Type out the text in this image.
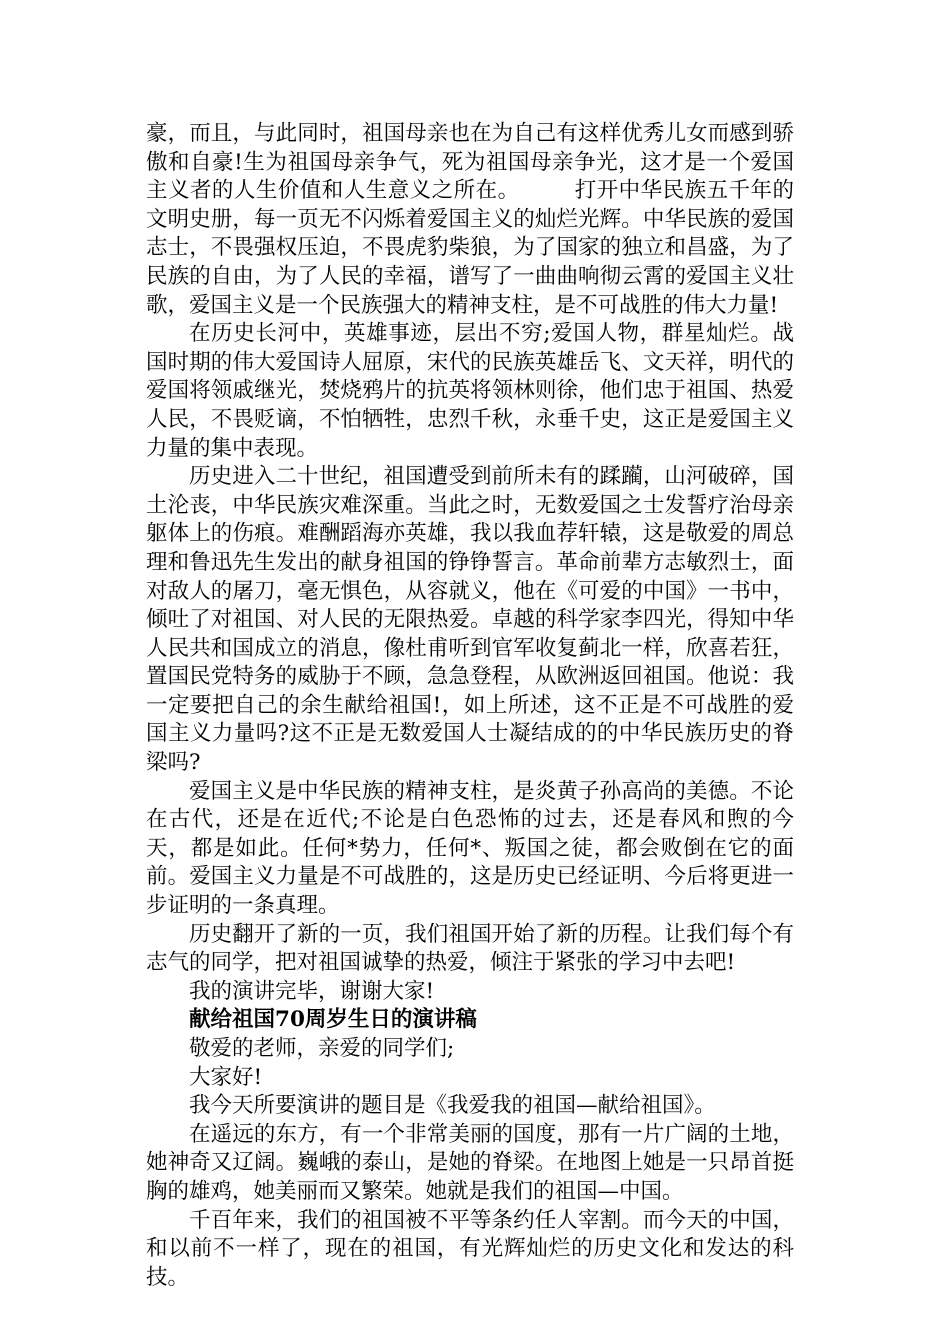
豪，而且，与此同时，祖国母亲也在为自己有这样优秀儿女而感到骄傲和自豪!生为祖国母亲争气，死为祖国母亲争光，这才是一个爱国主义者的人生价值和人生意义之所在。　　　打开中华民族五千年的文明史册，每一页无不闪烁着爱国主义的灿烂光辉。中华民族的爱国志士，不畏强权压迫，不畏虎豹柴狼，为了国家的独立和昌盛，为了民族的自由，为了人民的幸福，谱写了一曲曲响彻云霄的爱国主义壮歌，爱国主义是一个民族强大的精神支柱，是不可战胜的伟大力量!

在历史长河中，英雄事迹，层出不穷;爱国人物，群星灿烂。战国时期的伟大爱国诗人屈原，宋代的民族英雄岳飞、文天祥，明代的爱国将领戚继光，焚烧鸦片的抗英将领林则徐，他们忠于祖国、热爱人民，不畏贬谪，不怕牺牲，忠烈千秋，永垂千史，这正是爱国主义力量的集中表现。

历史进入二十世纪，祖国遭受到前所未有的蹂躏，山河破碎，国土沦丧，中华民族灾难深重。当此之时，无数爱国之士发誓疗治母亲躯体上的伤痕。难酬蹈海亦英雄，我以我血荐轩辕，这是敬爱的周总理和鲁迅先生发出的献身祖国的铮铮誓言。革命前辈方志敏烈士，面对敌人的屠刀，毫无惧色，从容就义，他在《可爱的中国》一书中，倾吐了对祖国、对人民的无限热爱。卓越的科学家李四光，得知中华人民共和国成立的消息，像杜甫听到官军收复蓟北一样，欣喜若狂，置国民党特务的威胁于不顾，急急登程，从欧洲返回祖国。他说：我一定要把自己的余生献给祖国!，如上所述，这不正是不可战胜的爱国主义力量吗?这不正是无数爱国人士凝结成的的中华民族历史的脊梁吗?

爱国主义是中华民族的精神支柱，是炎黄子孙高尚的美德。不论在古代，还是在近代;不论是白色恐怖的过去，还是春风和煦的今天，都是如此。任何*势力，任何*、叛国之徒，都会败倒在它的面前。爱国主义力量是不可战胜的，这是历史已经证明、今后将更进一步证明的一条真理。

历史翻开了新的一页，我们祖国开始了新的历程。让我们每个有志气的同学，把对祖国诚挚的热爱，倾注于紧张的学习中去吧!

我的演讲完毕，谢谢大家!

献给祖国70周岁生日的演讲稿

敬爱的老师，亲爱的同学们;

大家好!

我今天所要演讲的题目是《我爱我的祖国—献给祖国》。

在遥远的东方，有一个非常美丽的国度，那有一片广阔的土地，她神奇又辽阔。巍峨的泰山，是她的脊梁。在地图上她是一只昂首挺胸的雄鸡，她美丽而又繁荣。她就是我们的祖国—中国。

千百年来，我们的祖国被不平等条约任人宰割。而今天的中国，和以前不一样了，现在的祖国，有光辉灿烂的历史文化和发达的科技。
